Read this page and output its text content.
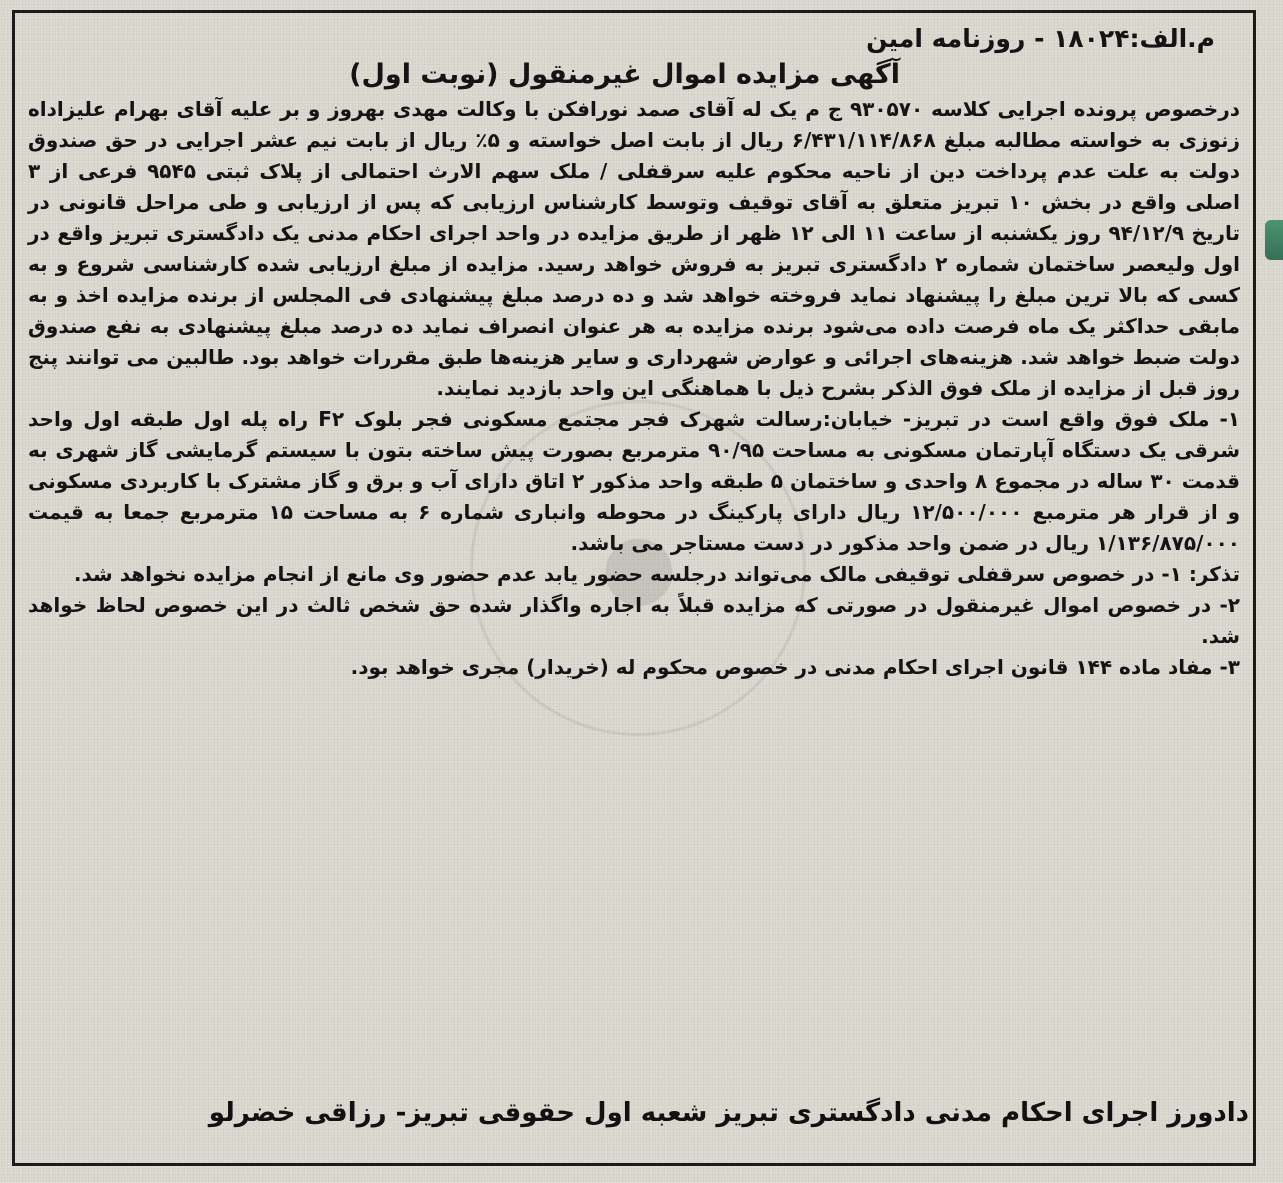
⬤

م.الف:۱۸۰۲۴ - روزنامه امین

آگهی مزایده اموال غیرمنقول (نوبت اول)

درخصوص پرونده اجرایی کلاسه ۹۳۰۵۷۰ ج م یک له آقای صمد نورافکن با وکالت مهدی بهروز و بر علیه آقای بهرام علیزاداه زنوزی به خواسته مطالبه مبلغ ۶/۴۳۱/۱۱۴/۸۶۸ ریال از بابت اصل خواسته و ۵٪ ریال از بابت نیم عشر اجرایی در حق صندوق دولت به علت عدم پرداخت دین از ناحیه محکوم علیه سرقفلی / ملک سهم الارث احتمالی از پلاک ثبتی ۹۵۴۵ فرعی از ۳ اصلی واقع در بخش ۱۰ تبریز متعلق به آقای توقیف وتوسط کارشناس ارزیابی که پس از ارزیابی و طی مراحل قانونی در تاریخ ۹۴/۱۲/۹ روز یکشنبه از ساعت ۱۱ الی ۱۲ ظهر از طریق مزایده در واحد اجرای احکام مدنی یک دادگستری تبریز واقع در اول ولیعصر ساختمان شماره ۲ دادگستری تبریز به فروش خواهد رسید. مزایده از مبلغ ارزیابی شده کارشناسی شروع و به کسی که بالا ترین مبلغ را پیشنهاد نماید فروخته خواهد شد و ده درصد مبلغ پیشنهادی فی المجلس از برنده مزایده اخذ و به مابقی حداکثر یک ماه فرصت داده می‌شود برنده مزایده به هر عنوان انصراف نماید ده درصد مبلغ پیشنهادی به نفع صندوق دولت ضبط خواهد شد. هزینه‌های اجرائی و عوارض شهرداری و سایر هزینه‌ها طبق مقررات خواهد بود. طالبین می توانند پنج روز قبل از مزایده از ملک فوق الذکر بشرح ذیل با هماهنگی این واحد بازدید نمایند.

۱- ملک فوق واقع است در تبریز- خیابان:رسالت شهرک فجر مجتمع مسکونی فجر بلوک F۲ راه پله اول طبقه اول واحد شرقی یک دستگاه آپارتمان مسکونی به مساحت ۹۰/۹۵ مترمربع بصورت پیش ساخته بتون با سیستم گرمایشی گاز شهری به قدمت ۳۰ ساله در مجموع ۸ واحدی و ساختمان ۵ طبقه واحد مذکور ۲ اتاق دارای آب و برق و گاز مشترک با کاربردی مسکونی و از قرار هر مترمبع ۱۲/۵۰۰/۰۰۰ ریال دارای پارکینگ در محوطه وانباری شماره ۶ به مساحت ۱۵ مترمربع جمعا به قیمت ۱/۱۳۶/۸۷۵/۰۰۰ ریال در ضمن واحد مذکور در دست مستاجر می باشد.

تذکر: ۱- در خصوص سرقفلی توقیفی مالک می‌تواند درجلسه حضور یابد عدم حضور وی مانع از انجام مزایده نخواهد شد.

۲- در خصوص اموال غیرمنقول در صورتی که مزایده قبلاً به اجاره واگذار شده حق شخص ثالث در این خصوص لحاظ خواهد شد.

۳- مفاد ماده ۱۴۴ قانون اجرای احکام مدنی در خصوص محکوم له (خریدار) مجری خواهد بود.

دادورز اجرای احکام مدنی دادگستری تبریز شعبه اول حقوقی تبریز- رزاقی خضرلو
